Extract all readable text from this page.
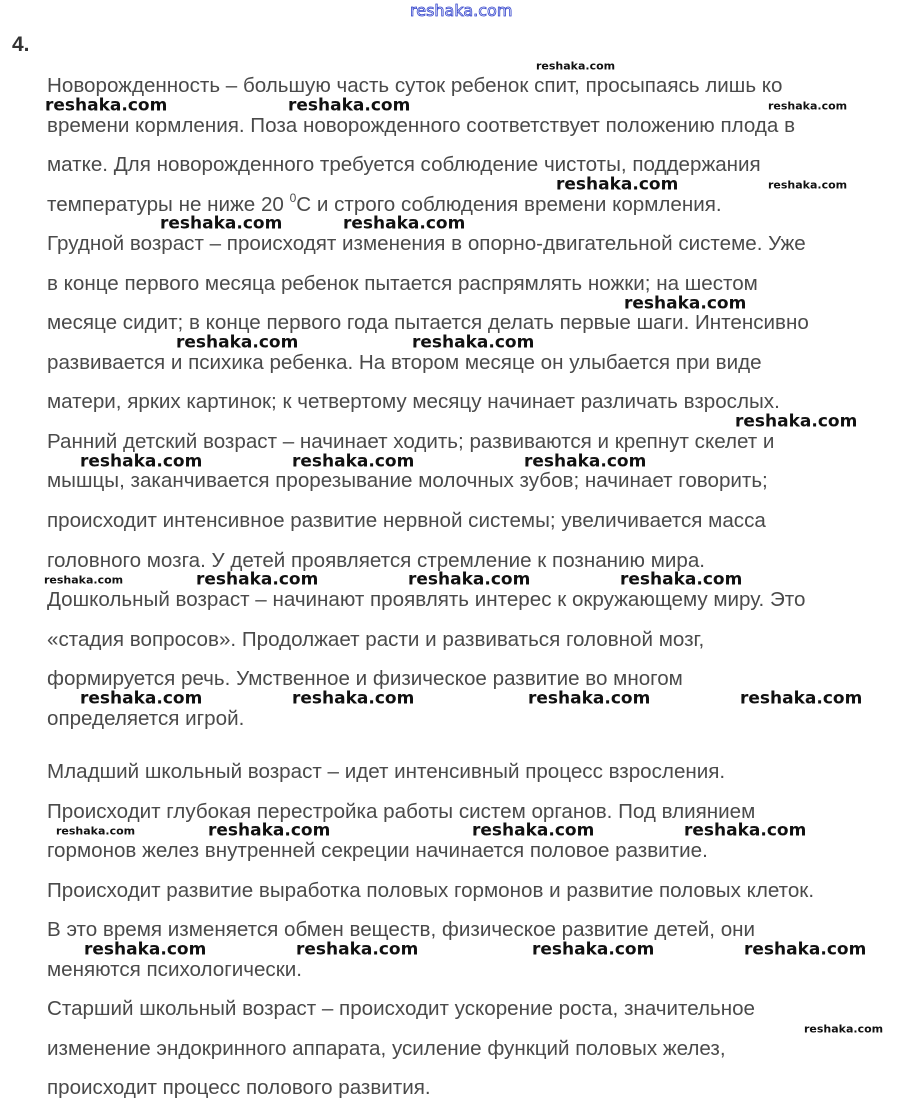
4.
Новорожденность – большую часть суток ребенок спит, просыпаясь лишь ко
времени кормления. Поза новорожденного соответствует положению плода в
матке. Для новорожденного требуется соблюдение чистоты, поддержания
температуры не ниже 20 $^0$C и строго соблюдения времени кормления.
Грудной возраст – происходят изменения в опорно-двигательной системе. Уже
в конце первого месяца ребенок пытается распрямлять ножки; на шестом
месяце сидит; в конце первого года пытается делать первые шаги. Интенсивно
развивается и психика ребенка. На втором месяце он улыбается при виде
матери, ярких картинок; к четвертому месяцу начинает различать взрослых.
Ранний детский возраст – начинает ходить; развиваются и крепнут скелет и
мышцы, заканчивается прорезывание молочных зубов; начинает говорить;
происходит интенсивное развитие нервной системы; увеличивается масса
головного мозга. У детей проявляется стремление к познанию мира.
Дошкольный возраст – начинают проявлять интерес к окружающему миру. Это
«стадия вопросов». Продолжает расти и развиваться головной мозг,
формируется речь. Умственное и физическое развитие во многом
определяется игрой.
Младший школьный возраст – идет интенсивный процесс взросления.
Происходит глубокая перестройка работы систем органов. Под влиянием
гормонов желез внутренней секреции начинается половое развитие.
Происходит развитие выработка половых гормонов и развитие половых клеток.
В это время изменяется обмен веществ, физическое развитие детей, они
меняются психологически.
Старший школьный возраст – происходит ускорение роста, значительное
изменение эндокринного аппарата, усиление функций половых желез,
происходит процесс полового развития.
reshaka.com
reshaka.com
reshaka.com	reshaka.com	reshaka.com
reshaka.com	reshaka.com
reshaka.com	reshaka.com
reshaka.com
reshaka.com	reshaka.com
reshaka.com
reshaka.com	reshaka.com	reshaka.com
reshaka.com	reshaka.com	reshaka.com	reshaka.com
reshaka.com	reshaka.com	reshaka.com	reshaka.com
reshaka.com	reshaka.com	reshaka.com	reshaka.com
reshaka.com	reshaka.com	reshaka.com	reshaka.com
reshaka.com
